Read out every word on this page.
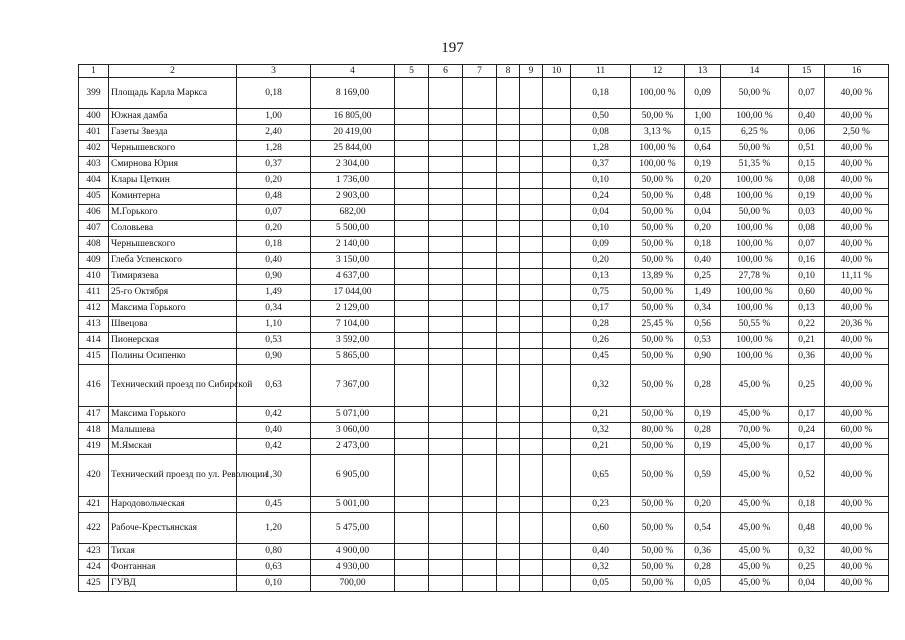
197
1	2	3	4	5	6	7	8	9	10	11	12	13	14	15	16
399	Площадь Карла Маркса	0,18	8 169,00							0,18	100,00 %	0,09	50,00 %	0,07	40,00 %
400	Южная дамба	1,00	16 805,00							0,50	50,00 %	1,00	100,00 %	0,40	40,00 %
401	Газеты Звезда	2,40	20 419,00							0,08	3,13 %	0,15	6,25 %	0,06	2,50 %
402	Чернышевского	1,28	25 844,00							1,28	100,00 %	0,64	50,00 %	0,51	40,00 %
403	Смирнова Юрия	0,37	2 304,00							0,37	100,00 %	0,19	51,35 %	0,15	40,00 %
404	Клары Цеткин	0,20	1 736,00							0,10	50,00 %	0,20	100,00 %	0,08	40,00 %
405	Коминтерна	0,48	2 903,00							0,24	50,00 %	0,48	100,00 %	0,19	40,00 %
406	М.Горького	0,07	682,00							0,04	50,00 %	0,04	50,00 %	0,03	40,00 %
407	Соловьева	0,20	5 500,00							0,10	50,00 %	0,20	100,00 %	0,08	40,00 %
408	Чернышевского	0,18	2 140,00							0,09	50,00 %	0,18	100,00 %	0,07	40,00 %
409	Глеба Успенского	0,40	3 150,00							0,20	50,00 %	0,40	100,00 %	0,16	40,00 %
410	Тимирязева	0,90	4 637,00							0,13	13,89 %	0,25	27,78 %	0,10	11,11 %
411	25-го Октября	1,49	17 044,00							0,75	50,00 %	1,49	100,00 %	0,60	40,00 %
412	Максима Горького	0,34	2 129,00							0,17	50,00 %	0,34	100,00 %	0,13	40,00 %
413	Швецова	1,10	7 104,00							0,28	25,45 %	0,56	50,55 %	0,22	20,36 %
414	Пионерская	0,53	3 592,00							0,26	50,00 %	0,53	100,00 %	0,21	40,00 %
415	Полины Осипенко	0,90	5 865,00							0,45	50,00 %	0,90	100,00 %	0,36	40,00 %
416	Технический проезд по Сибирской	0,63	7 367,00							0,32	50,00 %	0,28	45,00 %	0,25	40,00 %
417	Максима Горького	0,42	5 071,00							0,21	50,00 %	0,19	45,00 %	0,17	40,00 %
418	Малышева	0,40	3 060,00							0,32	80,00 %	0,28	70,00 %	0,24	60,00 %
419	М.Ямская	0,42	2 473,00							0,21	50,00 %	0,19	45,00 %	0,17	40,00 %
420	Технический проезд по ул. Революции	1,30	6 905,00							0,65	50,00 %	0,59	45,00 %	0,52	40,00 %
421	Народовольческая	0,45	5 001,00							0,23	50,00 %	0,20	45,00 %	0,18	40,00 %
422	Рабоче-Крестьянская	1,20	5 475,00							0,60	50,00 %	0,54	45,00 %	0,48	40,00 %
423	Тихая	0,80	4 900,00							0,40	50,00 %	0,36	45,00 %	0,32	40,00 %
424	Фонтанная	0,63	4 930,00							0,32	50,00 %	0,28	45,00 %	0,25	40,00 %
425	ГУВД	0,10	700,00							0,05	50,00 %	0,05	45,00 %	0,04	40,00 %
